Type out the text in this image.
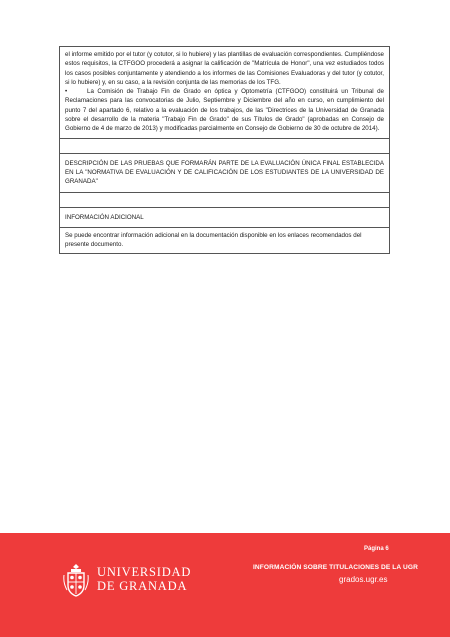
el informe emitido por el tutor (y cotutor, si lo hubiere) y las plantillas de evaluación correspondientes. Cumpliéndose estos requisitos, la CTFGOO procederá a asignar la calificación de "Matrícula de Honor", una vez estudiados todos los casos posibles conjuntamente y atendiendo a los informes de las Comisiones Evaluadoras y del tutor (y cotutor, si lo hubiere) y, en su caso, a la revisión conjunta de las memorias de los TFG.

•	La Comisión de Trabajo Fin de Grado en óptica y Optometría (CTFGOO) constituirá un Tribunal de Reclamaciones para las convocatorias de Julio, Septiembre y Diciembre del año en curso, en cumplimiento del punto 7 del apartado 6, relativo a la evaluación de los trabajos, de las "Directrices de la Universidad de Granada sobre el desarrollo de la materia "Trabajo Fin de Grado" de sus Títulos de Grado" (aprobadas en Consejo de Gobierno de 4 de marzo de 2013) y modificadas parcialmente en Consejo de Gobierno de 30 de octubre de 2014).

DESCRIPCIÓN DE LAS PRUEBAS QUE FORMARÁN PARTE DE LA EVALUACIÓN ÚNICA FINAL ESTABLECIDA EN LA "NORMATIVA DE EVALUACIÓN Y DE CALIFICACIÓN DE LOS ESTUDIANTES DE LA UNIVERSIDAD DE GRANADA"
INFORMACIÓN ADICIONAL
Se puede encontrar información adicional en la documentación disponible en los enlaces recomendados del presente documento.
UNIVERSIDAD
DE GRANADA
Página 6
INFORMACIÓN SOBRE TITULACIONES DE LA UGR
grados.ugr.es
